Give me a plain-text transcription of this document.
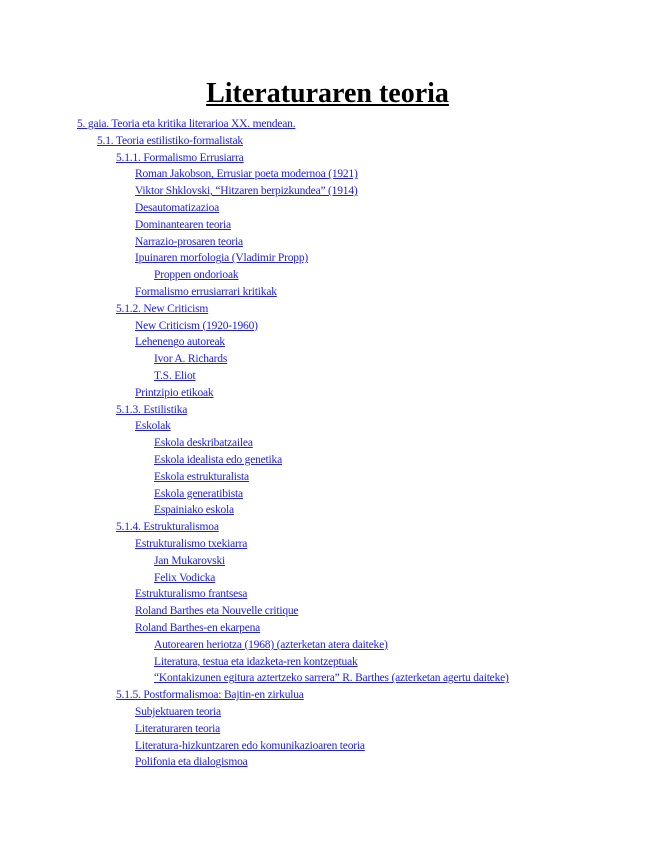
Literaturaren teoria
5. gaia. Teoria eta kritika literarioa XX. mendean.
5.1. Teoria estilistiko-formalistak
5.1.1. Formalismo Errusiarra
Roman Jakobson, Errusiar poeta modernoa (1921)
Viktor Shklovski, “Hitzaren berpizkundea” (1914)
Desautomatizazioa
Dominantearen teoria
Narrazio-prosaren teoria
Ipuinaren morfologia (Vladimir Propp)
Proppen ondorioak
Formalismo errusiarrari kritikak
5.1.2. New Criticism
New Criticism (1920-1960)
Lehenengo autoreak
Ivor A. Richards
T.S. Eliot
Printzipio etikoak
5.1.3. Estilistika
Eskolak
Eskola deskribatzailea
Eskola idealista edo genetika
Eskola estrukturalista
Eskola generatibista
Espainiako eskola
5.1.4. Estrukturalismoa
Estrukturalismo txekiarra
Jan Mukarovski
Felix Vodicka
Estrukturalismo frantsesa
Roland Barthes eta Nouvelle critique
Roland Barthes-en ekarpena
Autorearen heriotza (1968) (azterketan atera daiteke)
Literatura, testua eta idazketa-ren kontzeptuak
“Kontakizunen egitura aztertzeko sarrera” R. Barthes (azterketan agertu daiteke)
5.1.5. Postformalismoa: Bajtin-en zirkulua
Subjektuaren teoria
Literaturaren teoria
Literatura-hizkuntzaren edo komunikazioaren teoria
Polifonia eta dialogismoa
